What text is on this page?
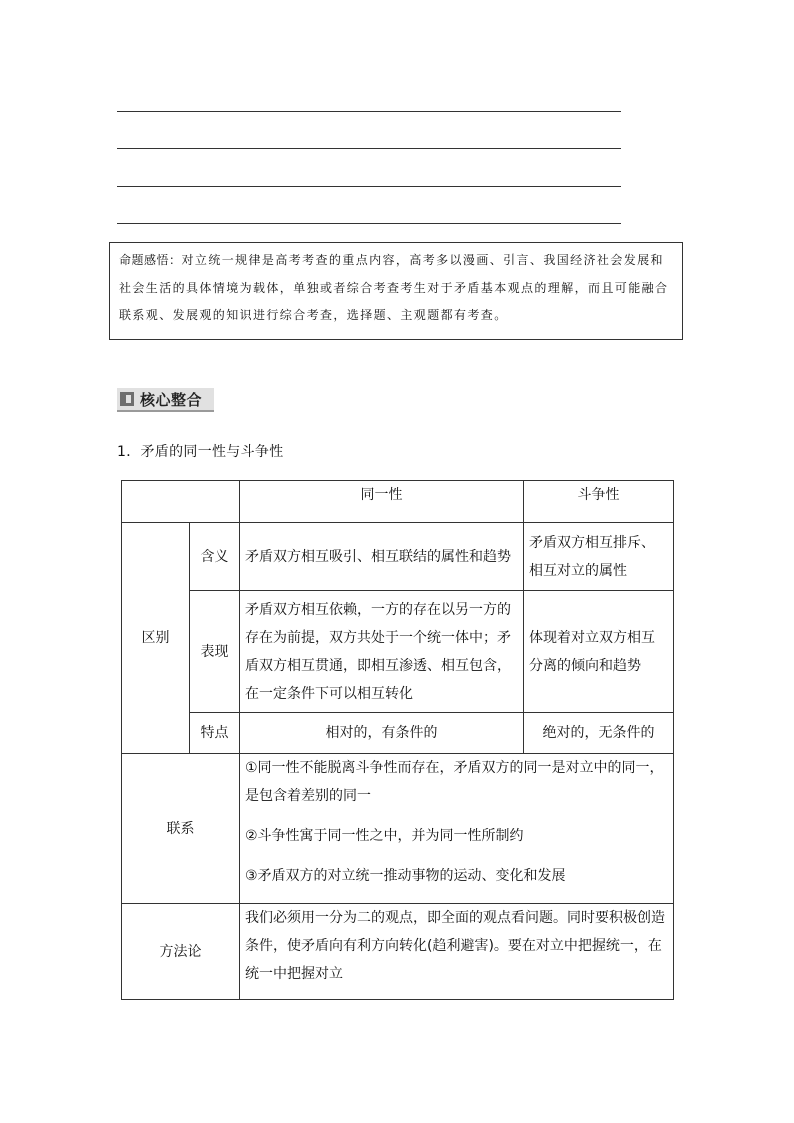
命题感悟：对立统一规律是高考考查的重点内容，高考多以漫画、引言、我国经济社会发展和社会生活的具体情境为载体，单独或者综合考查考生对于矛盾基本观点的理解，而且可能融合联系观、发展观的知识进行综合考查，选择题、主观题都有考查。
核心整合
1．矛盾的同一性与斗争性
		同一性	斗争性
区别	含义	矛盾双方相互吸引、相互联结的属性和趋势	矛盾双方相互排斥、相互对立的属性
	表现	矛盾双方相互依赖，一方的存在以另一方的存在为前提，双方共处于一个统一体中；矛盾双方相互贯通，即相互渗透、相互包含，在一定条件下可以相互转化	体现着对立双方相互分离的倾向和趋势
	特点	相对的，有条件的	绝对的，无条件的
联系		①同一性不能脱离斗争性而存在，矛盾双方的同一是对立中的同一，是包含着差别的同一

②斗争性寓于同一性之中，并为同一性所制约

③矛盾双方的对立统一推动事物的运动、变化和发展	

方法论		我们必须用一分为二的观点，即全面的观点看问题。同时要积极创造条件，使矛盾向有利方向转化(趋利避害)。要在对立中把握统一，在统一中把握对立	
